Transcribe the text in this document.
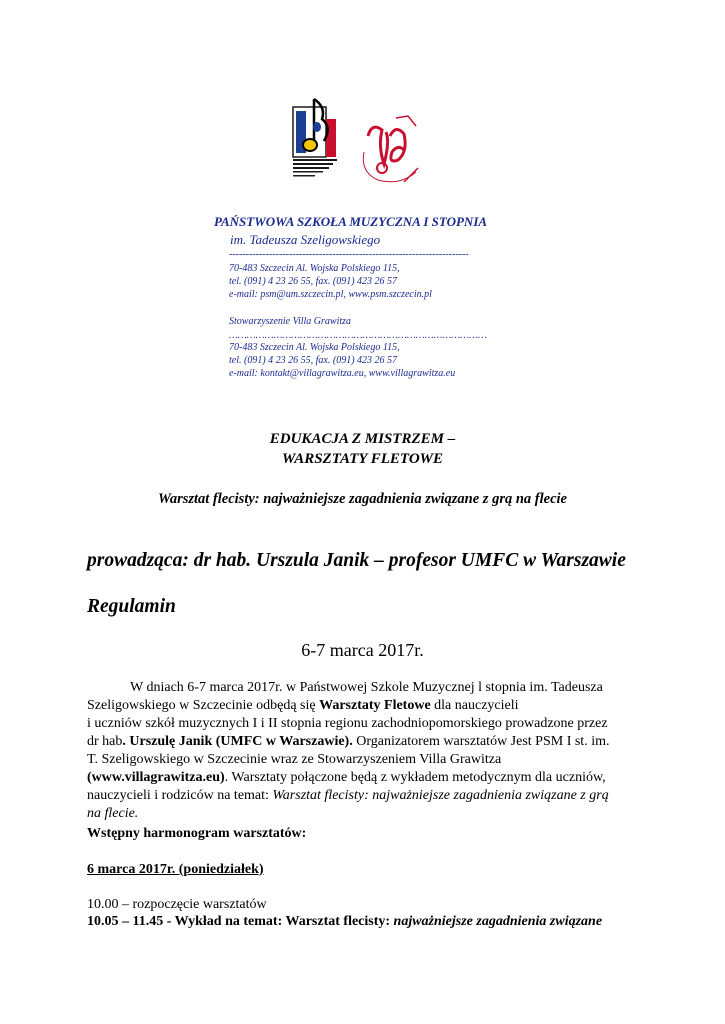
PAŃSTWOWA SZKOŁA MUZYCZNA I STOPNIA
im. Tadeusza Szeligowskiego
------------------------------------------------------------------------
70-483 Szczecin Al. Wojska Polskiego 115,
tel. (091) 4 23 26 55, fax. (091) 423 26 57
e-mail: psm@um.szczecin.pl, www.psm.szczecin.pl
Stowarzyszenie Villa Grawitza
……………………………………………………………………………
70-483 Szczecin Al. Wojska Polskiego 115,
tel. (091) 4 23 26 55, fax. (091) 423 26 57
e-mail: kontakt@villagrawitza.eu, www.villagrawitza.eu
EDUKACJA Z MISTRZEM –
WARSZTATY FLETOWE
Warsztat flecisty: najważniejsze zagadnienia związane z grą na flecie
prowadząca: dr hab. Urszula Janik – profesor UMFC w Warszawie
Regulamin
6-7 marca 2017r.
W dniach 6-7 marca 2017r. w Państwowej Szkole Muzycznej l stopnia im. Tadeusza
Szeligowskiego w Szczecinie odbędą się Warsztaty Fletowe dla nauczycieli
i uczniów szkół muzycznych I i II stopnia regionu zachodniopomorskiego prowadzone przez
dr hab. Urszulę Janik (UMFC w Warszawie). Organizatorem warsztatów Jest PSM I st. im.
T. Szeligowskiego w Szczecinie wraz ze Stowarzyszeniem Villa Grawitza
(www.villagrawitza.eu). Warsztaty połączone będą z wykładem metodycznym dla uczniów,
nauczycieli i rodziców na temat: Warsztat flecisty: najważniejsze zagadnienia związane z grą
na flecie.
Wstępny harmonogram warsztatów:
6 marca 2017r. (poniedziałek)
10.00 – rozpoczęcie warsztatów
10.05 – 11.45 - Wykład na temat: Warsztat flecisty: najważniejsze zagadnienia związane
